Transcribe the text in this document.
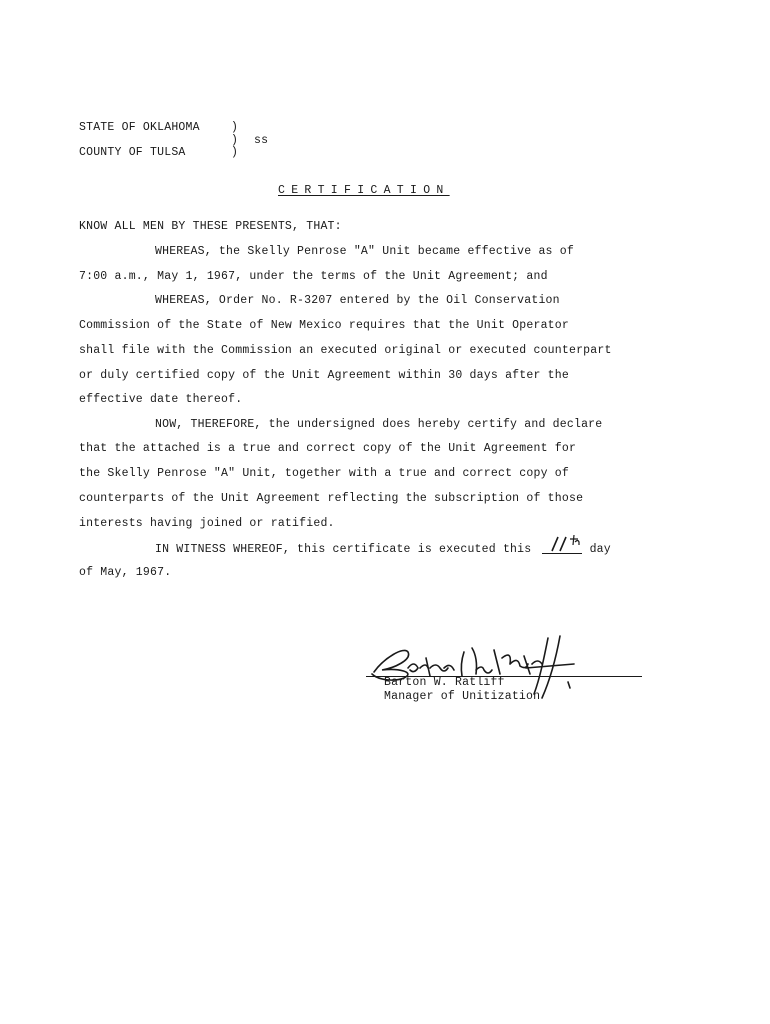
STATE OF OKLAHOMA
COUNTY OF TULSA
)
)
)
ss
CERTIFICATION
KNOW ALL MEN BY THESE PRESENTS, THAT:
WHEREAS, the Skelly Penrose "A" Unit became effective as of
7:00 a.m., May 1, 1967, under the terms of the Unit Agreement; and
WHEREAS, Order No. R-3207 entered by the Oil Conservation
Commission of the State of New Mexico requires that the Unit Operator
shall file with the Commission an executed original or executed counterpart
or duly certified copy of the Unit Agreement within 30 days after the
effective date thereof.
NOW, THEREFORE, the undersigned does hereby certify and declare
that the attached is a true and correct copy of the Unit Agreement for
the Skelly Penrose "A" Unit, together with a true and correct copy of
counterparts of the Unit Agreement reflecting the subscription of those
interests having joined or ratified.
IN WITNESS WHEREOF, this certificate is executed this	day
of May, 1967.
Barton W. Ratliff
Manager of Unitization
